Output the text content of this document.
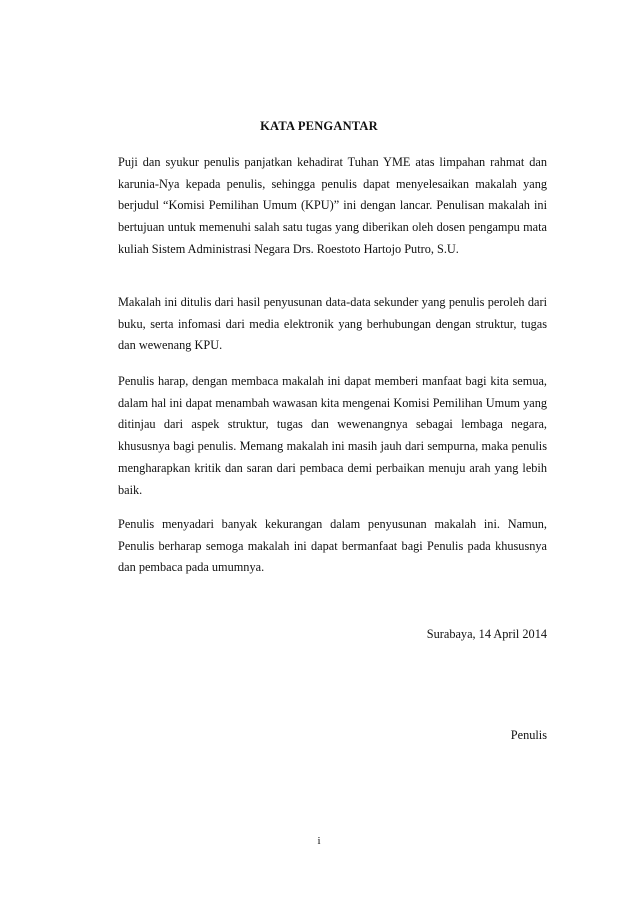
KATA PENGANTAR

Puji dan syukur penulis panjatkan kehadirat Tuhan YME atas limpahan rahmat dan karunia-Nya kepada penulis, sehingga penulis dapat menyelesaikan makalah yang berjudul “Komisi Pemilihan Umum (KPU)” ini dengan lancar. Penulisan makalah ini bertujuan untuk memenuhi salah satu tugas yang diberikan oleh dosen pengampu mata kuliah Sistem Administrasi Negara Drs. Roestoto Hartojo Putro, S.U.

Makalah ini ditulis dari hasil penyusunan data-data sekunder yang penulis peroleh dari buku, serta infomasi dari media elektronik yang berhubungan dengan struktur, tugas dan wewenang KPU.

Penulis harap, dengan membaca makalah ini dapat memberi manfaat bagi kita semua, dalam hal ini dapat menambah wawasan kita mengenai Komisi Pemilihan Umum yang ditinjau dari aspek struktur, tugas dan wewenangnya sebagai lembaga negara, khususnya bagi penulis. Memang makalah ini masih jauh dari sempurna, maka penulis mengharapkan kritik dan saran dari pembaca demi perbaikan menuju arah yang lebih baik.

Penulis menyadari banyak kekurangan dalam penyusunan makalah ini. Namun, Penulis berharap semoga makalah ini dapat bermanfaat bagi Penulis pada khususnya dan pembaca pada umumnya.

Surabaya, 14 April 2014
Penulis
i
